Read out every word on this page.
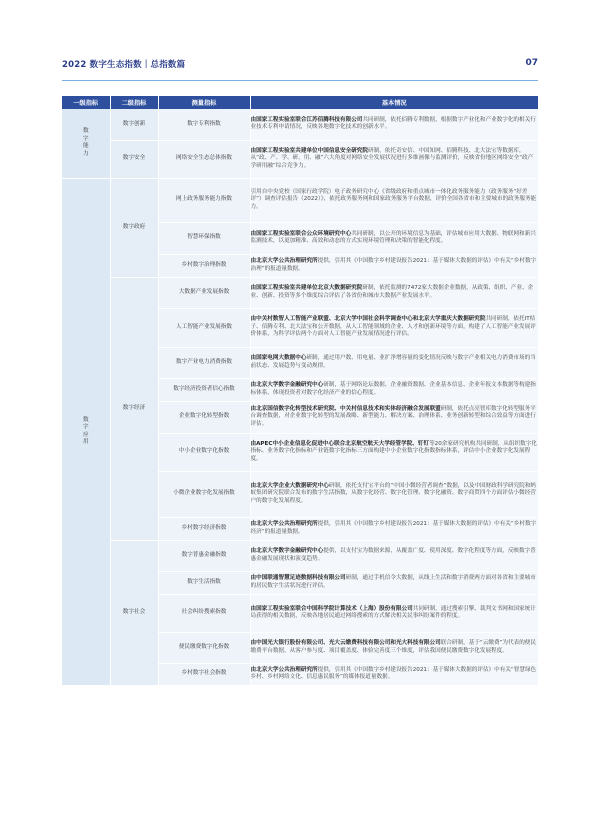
2022 数字生态指数｜总指数篇	07
一级指标	二级指标	测量指标	基本情况
数字能力	数字创新	数字专利指数	由国家工程实验室联合江苏佰腾科技有限公司共同研制，依托佰腾专利数据，根据数字产业化和产业数字化的相关行业技术专利申请情况，反映各地数字化技术的创新水平。
	数字安全	网络安全生态总体指数	由国家工程实验室共建单位中国信息安全研究院研制，依托奇安信、中国知网、佰腾科技、北大法宝等数据库，从“政、产、学、研、用、融”六大角度对网络安全发展状况进行多维画像与监测评价，反映省份地区网络安全“政产学研用融”综合竞争力。
数字应用	数字政府	网上政务服务能力指数	引用自中央党校（国家行政学院）电子政务研究中心《省级政府和重点城市一体化政务服务能力（政务服务“好差评”）调查评估报告（2022）》，依托政务服务网和国家政务服务平台数据，评价全国各省市和主要城市的政务服务能力。
		智慧环保指数	由国家工程实验室联合公众环境研究中心共同研制，以公开的环境信息为基础，评估城市应用大数据、物联网和新兴监测技术，以更加精准、高效和动态的方式实现环境管理和决策的智能化程度。
		乡村数字治理指数	由北京大学公共治理研究所提供，引用其《中国数字乡村建设报告2021：基于媒体大数据的评估》中有关“乡村数字治理”的报道量数据。
	数字经济	大数据产业发展指数	由国家工程实验室共建单位北京大数据研究院研制，依托监测的7472家大数据企业数据，从政策、组织、产业、企业、创新、投资等多个维度综合评估了各省份和城市大数据产业发展水平。
		人工智能产业发展指数	由中关村数智人工智能产业联盟、北京大学中国社会科学调查中心和北京大学重庆大数据研究院共同研制，依托IT桔子、佰腾专利、北大法宝和公开数据，从人工智能领域的企业、人才和创新环境等方面，构建了人工智能产业发展评价体系，为科学评估两个方面对人工智能产业发展情况进行评估。
		数字产业电力消费指数	由国家电网大数据中心研制，通过用户数、用电量、业扩净增容量的变化情况反映与数字产业相关电力消费市场的当前状态、发展趋势与变动规律。
		数字经济投资者信心指数	由北京大学数字金融研究中心研制，基于网络论坛数据、企业融资数据、企业基本信息、企业年报文本数据等构建指标体系，体现投资者对数字化经济产业的信心程度。
		企业数字化转型指数	由北京国信数字化转型技术研究院、中关村信息技术和实体经济融合发展联盟研制，依托点亮智库数字化转型服务平台调查数据，对企业数字化转型的发展战略、新型能力、解决方案、治理体系、业务创新转型和综合效益等方面进行评估。
		中小企业数字化指数	由APEC中小企业信息化促进中心联合北京航空航天大学经管学院、钉钉等20余家研究机构共同研制，从组织数字化指标、业务数字化指标和产业链数字化指标三方面构建中小企业数字化指数指标体系，评估中小企业数字化发展程度。
		小微企业数字化发展指数	由北京大学企业大数据研究中心研制，依托支付宝平台的“中国小微经营者调查”数据，以及中国财政科学研究院和蚂蚁集团研究院联合发布的数字生活指数，从数字化经营、数字化管理、数字化融资、数字商贸四个方面评估小微经营户的数字化发展程度。
		乡村数字经济指数	由北京大学公共治理研究所提供，引用其《中国数字乡村建设报告2021：基于媒体大数据的评估》中有关“乡村数字经济”的报道量数据。
	数字社会	数字普惠金融指数	由北京大学数字金融研究中心提供，以支付宝为数据来源，从覆盖广度、使用深度、数字化程度等方面，反映数字普惠金融发展现状和演变趋势。
		数字生活指数	由中国联通智慧足迹数据科技有限公司研制，通过手机信令大数据，从线上生活和数字消费两方面对各省和主要城市的居民数字生活状况进行评估。
		社会纠纷搜索指数	由国家工程实验室联合中国科学院计算技术（上海）股份有限公司共同研制，通过搜索引擎、裁判文书网和国家统计局获得的相关数据，反映各地居民通过网络搜索的方式解决相关民事纠纷案件的程度。
		便民缴费数字化指数	由中国光大银行股份有限公司、光大云缴费科技有限公司和光大科技有限公司联合研制，基于“云缴费”为代表的便民缴费平台数据，从客户参与度、项目覆盖度、体验完善度三个维度，评估我国便民缴费数字化发展程度。
		乡村数字社会指数	由北京大学公共治理研究所提供，引用其《中国数字乡村建设报告2021：基于媒体大数据的评估》中有关“智慧绿色乡村、乡村网络文化、信息惠民服务”的媒体报道量数据。
